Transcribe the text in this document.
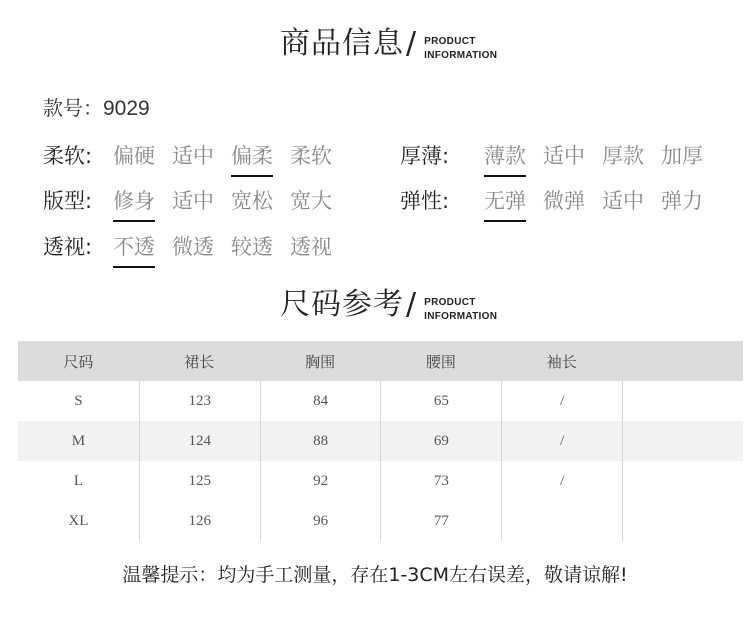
商品信息 / PRODUCT
INFORMATION
款号：9029
柔软: 偏硬 适中 偏柔 柔软	厚薄: 薄款 适中 厚款 加厚
版型: 修身 适中 宽松 宽大	弹性: 无弹 微弹 适中 弹力
透视: 不透 微透 较透 透视
尺码参考 / PRODUCT
INFORMATION
尺码	裙长	胸围	腰围	袖长
S	123	84	65	/
M	124	88	69	/
L	125	92	73	/
XL	126	96	77
温馨提示：均为手工测量，存在1-3CM左右误差，敬请谅解!
